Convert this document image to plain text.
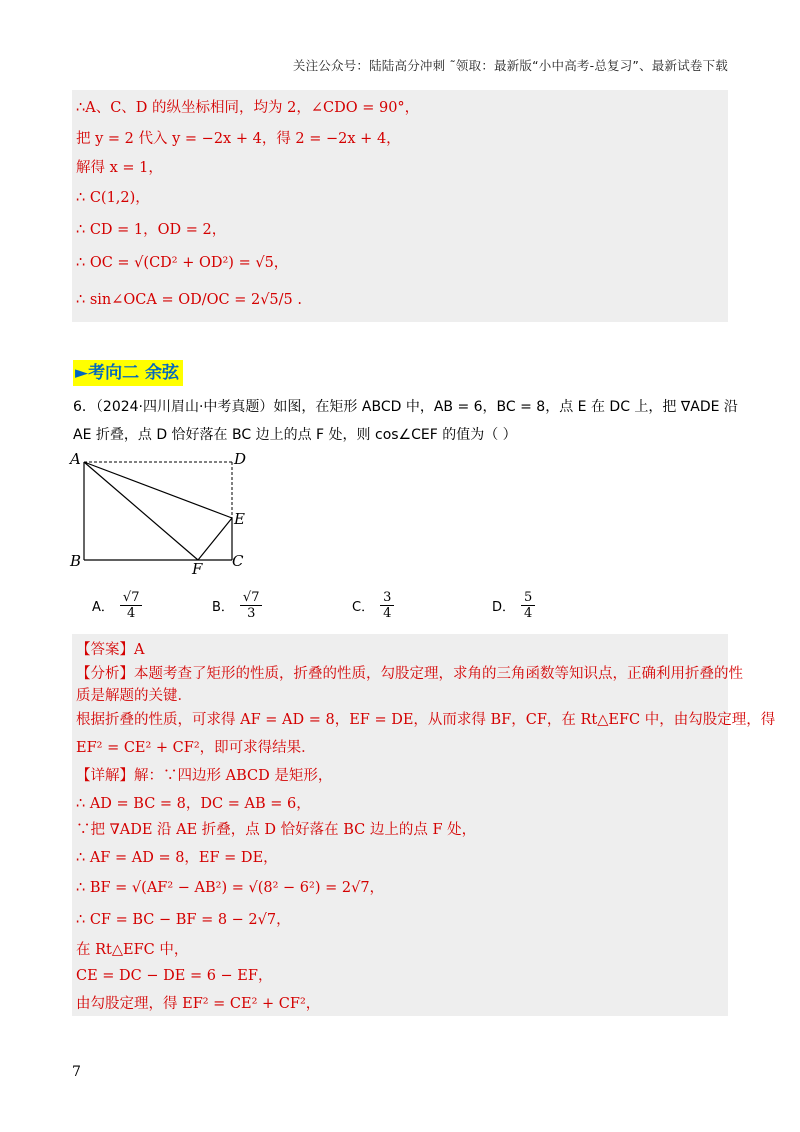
关注公众号：陆陆高分冲刺 ˜领取：最新版“小中高考-总复习”、最新试卷下载
∴A、C、D 的纵坐标相同，均为 2，∠CDO = 90°，
把 y = 2 代入 y = −2x + 4，得 2 = −2x + 4，
解得 x = 1，
∴ C(1,2)，
∴ CD = 1，OD = 2，
∴ OC = √(CD² + OD²) = √5，
∴ sin∠OCA = OD/OC = 2√5/5 .
►考向二 余弦
6．（2024·四川眉山·中考真题）如图，在矩形 ABCD 中，AB = 6，BC = 8，点 E 在 DC 上，把 ∇ADE 沿
AE 折叠，点 D 恰好落在 BC 边上的点 F 处，则 cos∠CEF 的值为（ ）
A	D
E
B	F C
A． $\frac{√7}{4}$	B． $\frac{√7}{3}$	C． $\frac{3}{4}$	D． $\frac{5}{4}$
【答案】A
【分析】本题考查了矩形的性质，折叠的性质，勾股定理，求角的三角函数等知识点，正确利用折叠的性
质是解题的关键．
根据折叠的性质，可求得 AF = AD = 8，EF = DE，从而求得 BF，CF，在 Rt△EFC 中，由勾股定理，得
EF² = CE² + CF²，即可求得结果．
【详解】解：∵四边形 ABCD 是矩形，
∴ AD = BC = 8，DC = AB = 6，
∵把 ∇ADE 沿 AE 折叠，点 D 恰好落在 BC 边上的点 F 处，
∴ AF = AD = 8，EF = DE，
∴ BF = √(AF² − AB²) = √(8² − 6²) = 2√7，
∴ CF = BC − BF = 8 − 2√7，
在 Rt△EFC 中，
CE = DC − DE = 6 − EF，
由勾股定理，得 EF² = CE² + CF²，
7
